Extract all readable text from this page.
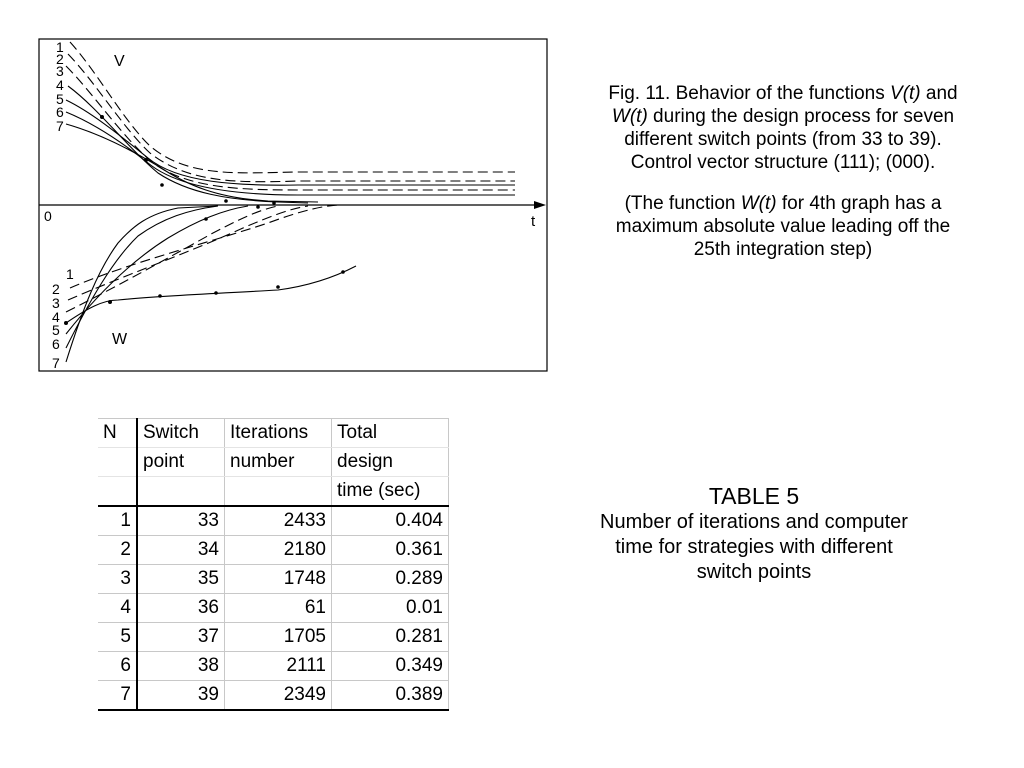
V
W
0	t
1
2
3
4
5
6
7
1
2
3
4
5
6
7

Fig. 11. Behavior of the functions V(t) and

W(t) during the design process for seven

different switch points (from 33 to 39).

Control vector structure (111); (000).

(The function W(t) for 4th graph has a

maximum absolute value leading off the

25th integration step)

N	Switch	Iterations	Total
	point	number	design
			time (sec)
1	33	2433	0.404
2	34	2180	0.361
3	35	1748	0.289
4	36	61	0.01
5	37	1705	0.281
6	38	2111	0.349
7	39	2349	0.389
TABLE 5
Number of iterations and computer
time for strategies with different
switch points
